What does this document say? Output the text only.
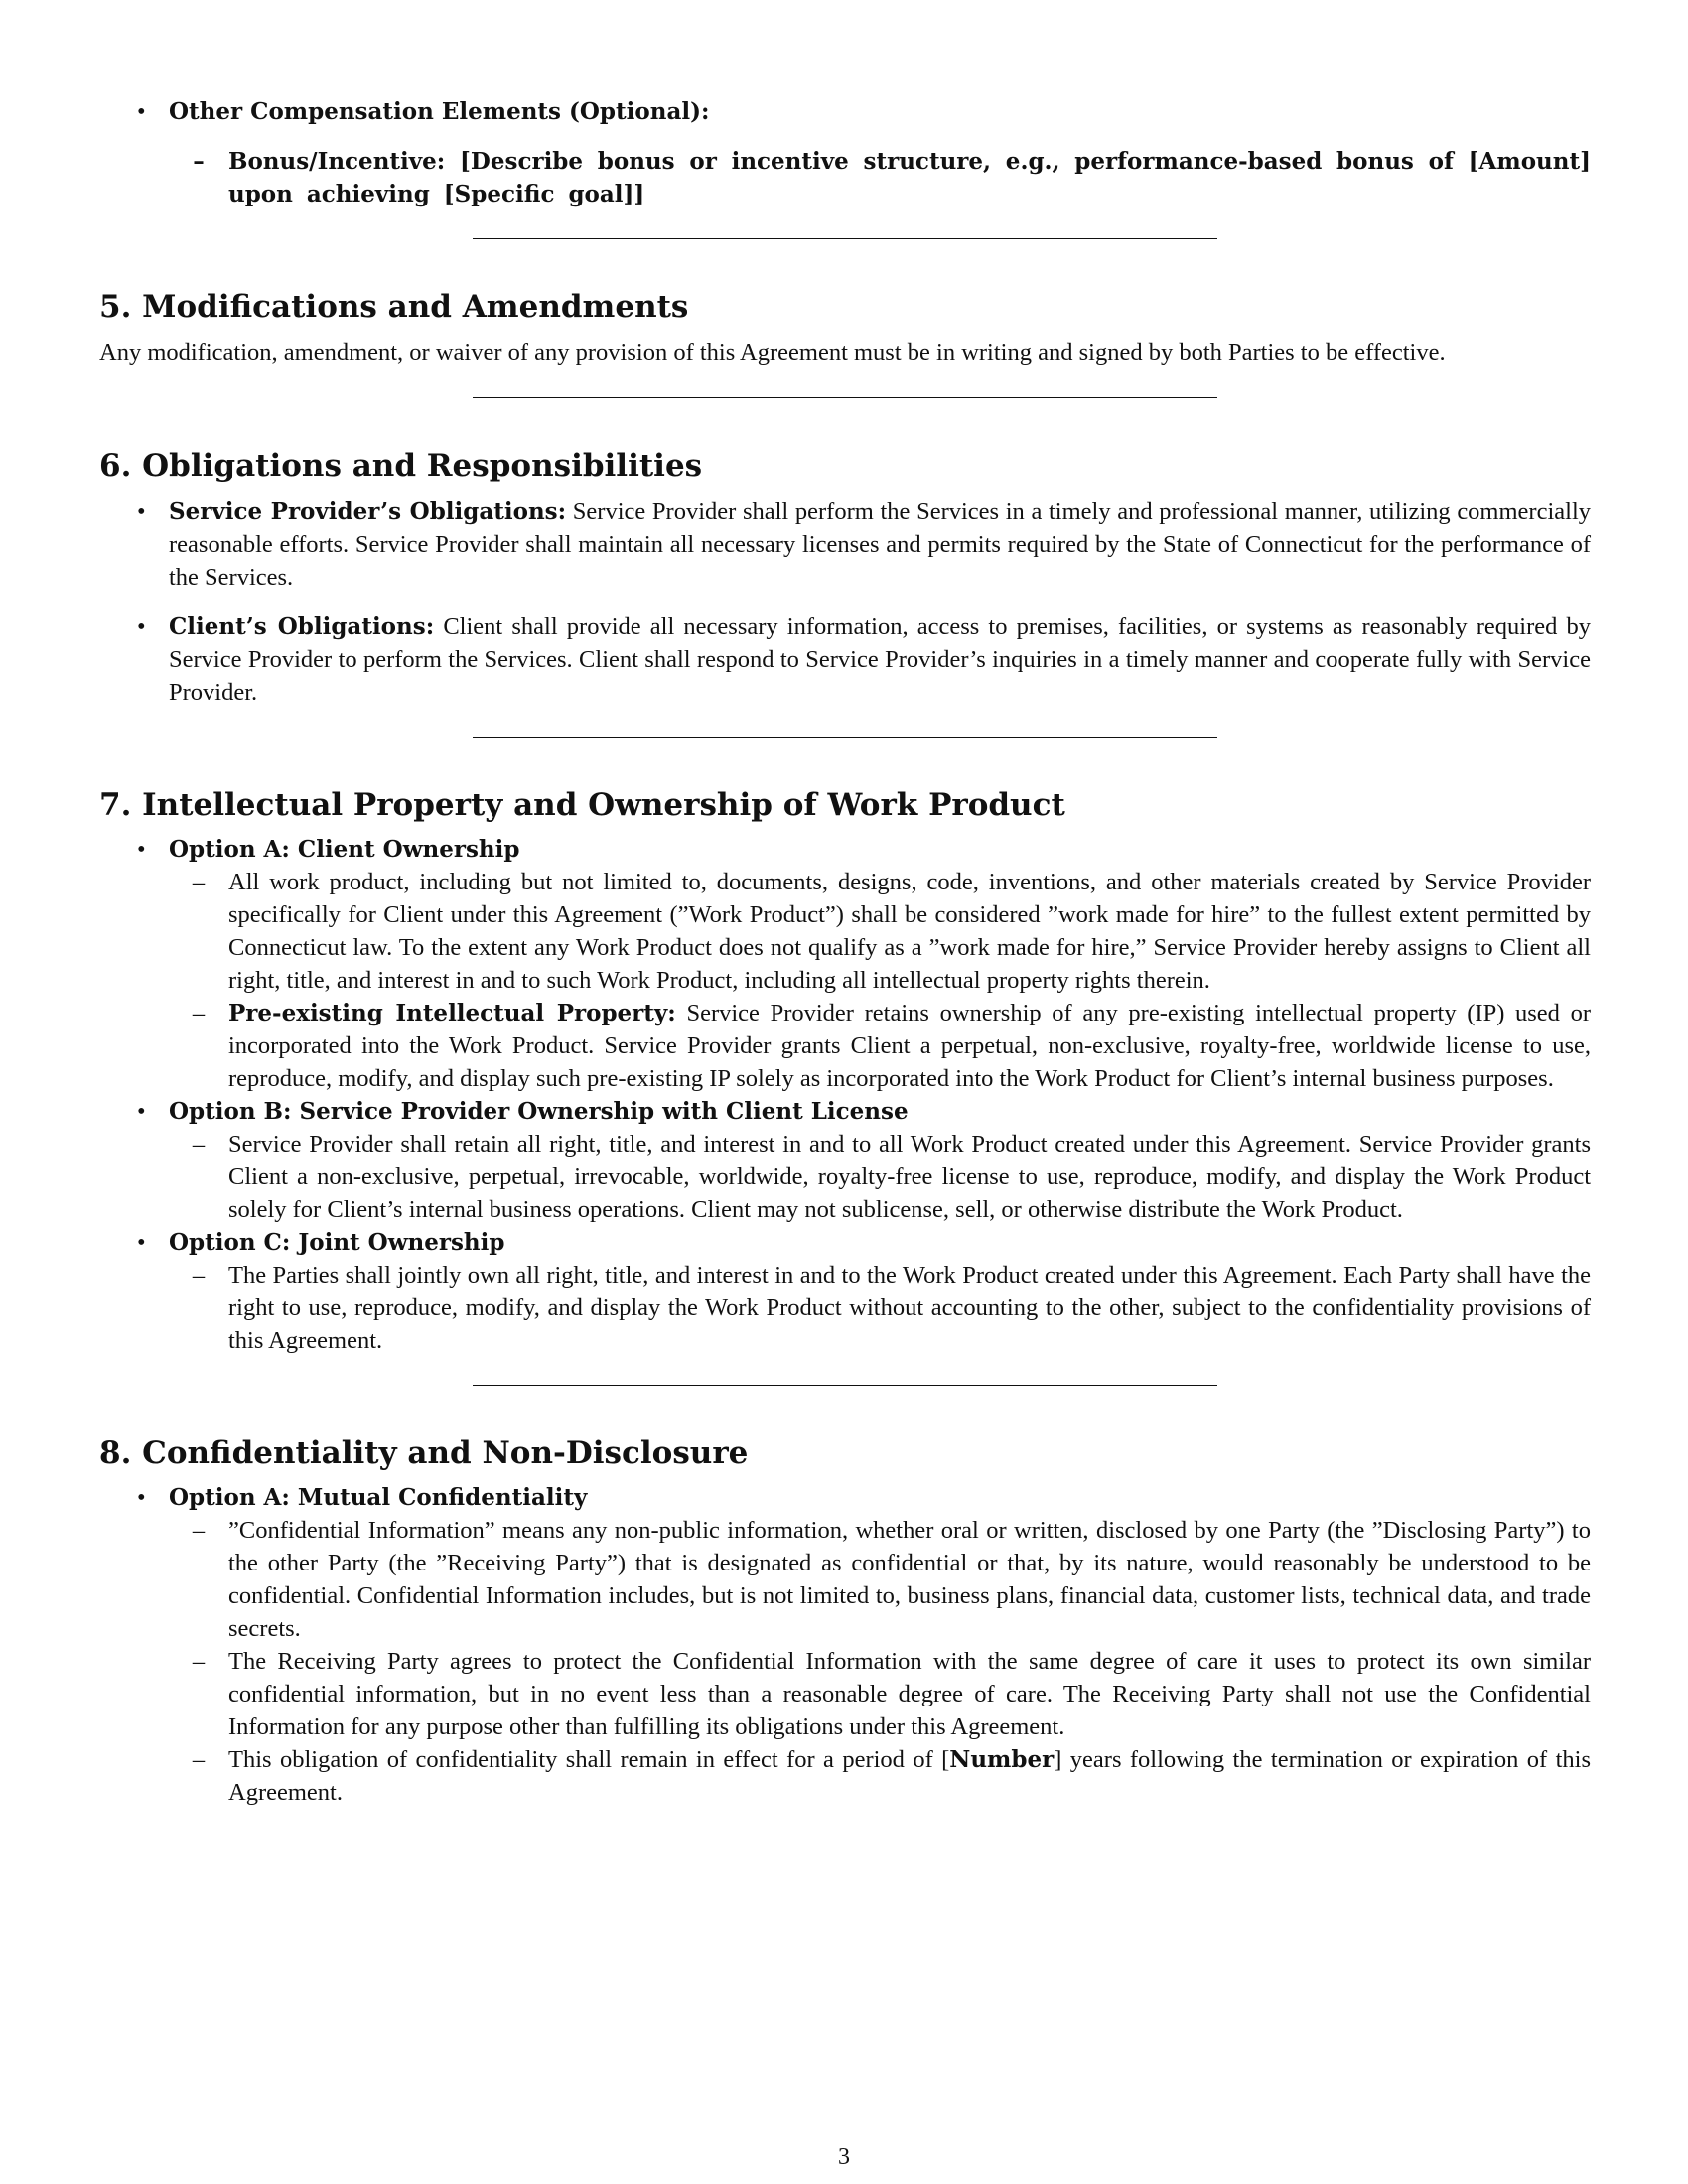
• Other Compensation Elements (Optional):
– Bonus/Incentive: [Describe bonus or incentive structure, e.g., performance-based bonus of [Amount] upon achieving [Specific goal]]
5. Modifications and Amendments
Any modification, amendment, or waiver of any provision of this Agreement must be in writing and signed by both Parties to be effective.
6. Obligations and Responsibilities
• Service Provider’s Obligations: Service Provider shall perform the Services in a timely and professional manner, utilizing commercially reasonable efforts. Service Provider shall maintain all necessary licenses and permits required by the State of Connecticut for the performance of the Services.
• Client’s Obligations: Client shall provide all necessary information, access to premises, facilities, or systems as reasonably required by Service Provider to perform the Services. Client shall respond to Service Provider’s inquiries in a timely manner and cooperate fully with Service Provider.
7. Intellectual Property and Ownership of Work Product
• Option A: Client Ownership
– All work product, including but not limited to, documents, designs, code, inventions, and other materials created by Service Provider specifically for Client under this Agreement (”Work Product”) shall be considered ”work made for hire” to the fullest extent permitted by Connecticut law. To the extent any Work Product does not qualify as a ”work made for hire,” Service Provider hereby assigns to Client all right, title, and interest in and to such Work Product, including all intellectual property rights therein.
– Pre-existing Intellectual Property: Service Provider retains ownership of any pre-existing intellectual property (IP) used or incorporated into the Work Product. Service Provider grants Client a perpetual, non-exclusive, royalty-free, worldwide license to use, reproduce, modify, and display such pre-existing IP solely as incorporated into the Work Product for Client’s internal business purposes.
• Option B: Service Provider Ownership with Client License
– Service Provider shall retain all right, title, and interest in and to all Work Product created under this Agreement. Service Provider grants Client a non-exclusive, perpetual, irrevocable, worldwide, royalty-free license to use, reproduce, modify, and display the Work Product solely for Client’s internal business operations. Client may not sublicense, sell, or otherwise distribute the Work Product.
• Option C: Joint Ownership
– The Parties shall jointly own all right, title, and interest in and to the Work Product created under this Agreement. Each Party shall have the right to use, reproduce, modify, and display the Work Product without accounting to the other, subject to the confidentiality provisions of this Agreement.
8. Confidentiality and Non-Disclosure
• Option A: Mutual Confidentiality
– ”Confidential Information” means any non-public information, whether oral or written, disclosed by one Party (the ”Disclosing Party”) to the other Party (the ”Receiving Party”) that is designated as confidential or that, by its nature, would reasonably be understood to be confidential. Confidential Information includes, but is not limited to, business plans, financial data, customer lists, technical data, and trade secrets.
– The Receiving Party agrees to protect the Confidential Information with the same degree of care it uses to protect its own similar confidential information, but in no event less than a reasonable degree of care. The Receiving Party shall not use the Confidential Information for any purpose other than fulfilling its obligations under this Agreement.
– This obligation of confidentiality shall remain in effect for a period of [Number] years following the termination or expiration of this Agreement.
3
